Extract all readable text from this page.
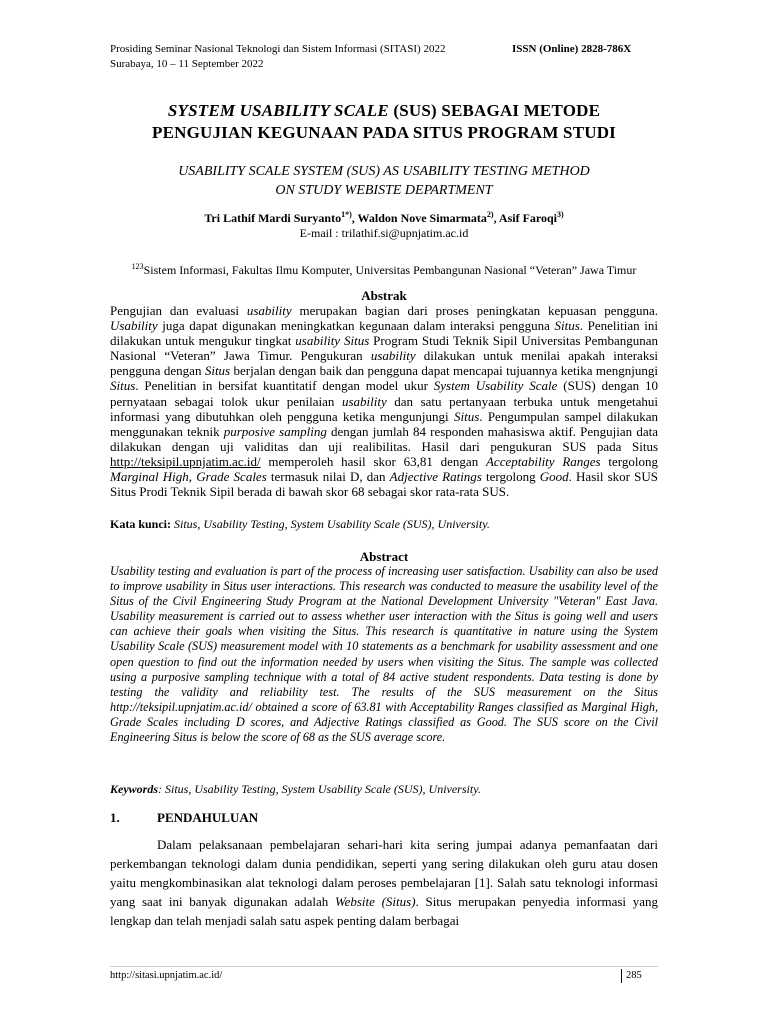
Prosiding Seminar Nasional Teknologi dan Sistem Informasi (SITASI) 2022
Surabaya, 10 – 11 September 2022
ISSN (Online) 2828-786X
SYSTEM USABILITY SCALE (SUS) SEBAGAI METODE
PENGUJIAN KEGUNAAN PADA SITUS PROGRAM STUDI
USABILITY SCALE SYSTEM (SUS) AS USABILITY TESTING METHOD
ON STUDY WEBISTE DEPARTMENT
Tri Lathif Mardi Suryanto$^{1*)}$, Waldon Nove Simarmata$^{2)}$, Asif Faroqi$^{3)}$
E-mail : trilathif.si@upnjatim.ac.id
$^{123}$Sistem Informasi, Fakultas Ilmu Komputer, Universitas Pembangunan Nasional “Veteran” Jawa Timur
Abstrak
Pengujian dan evaluasi usability merupakan bagian dari proses peningkatan kepuasan pengguna. Usability juga dapat digunakan meningkatkan kegunaan dalam interaksi pengguna Situs. Penelitian ini dilakukan untuk mengukur tingkat usability Situs Program Studi Teknik Sipil Universitas Pembangunan Nasional “Veteran” Jawa Timur. Pengukuran usability dilakukan untuk menilai apakah interaksi pengguna dengan Situs berjalan dengan baik dan pengguna dapat mencapai tujuannya ketika mengnjungi Situs. Penelitian in bersifat kuantitatif dengan model ukur System Usability Scale (SUS) dengan 10 pernyataan sebagai tolok ukur penilaian usability dan satu pertanyaan terbuka untuk mengetahui informasi yang dibutuhkan oleh pengguna ketika mengunjungi Situs. Pengumpulan sampel dilakukan menggunakan teknik purposive sampling dengan jumlah 84 responden mahasiswa aktif. Pengujian data dilakukan dengan uji validitas dan uji realibilitas. Hasil dari pengukuran SUS pada Situs http://teksipil.upnjatim.ac.id/ memperoleh hasil skor 63,81 dengan Acceptability Ranges tergolong Marginal High, Grade Scales termasuk nilai D, dan Adjective Ratings tergolong Good. Hasil skor SUS Situs Prodi Teknik Sipil berada di bawah skor 68 sebagai skor rata-rata SUS.
Kata kunci: Situs, Usability Testing, System Usability Scale (SUS), University.
Abstract
Usability testing and evaluation is part of the process of increasing user satisfaction. Usability can also be used to improve usability in Situs user interactions. This research was conducted to measure the usability level of the Situs of the Civil Engineering Study Program at the National Development University "Veteran" East Java. Usability measurement is carried out to assess whether user interaction with the Situs is going well and users can achieve their goals when visiting the Situs. This research is quantitative in nature using the System Usability Scale (SUS) measurement model with 10 statements as a benchmark for usability assessment and one open question to find out the information needed by users when visiting the Situs. The sample was collected using a purposive sampling technique with a total of 84 active student respondents. Data testing is done by testing the validity and reliability test. The results of the SUS measurement on the Situs http://teksipil.upnjatim.ac.id/ obtained a score of 63.81 with Acceptability Ranges classified as Marginal High, Grade Scales including D scores, and Adjective Ratings classified as Good. The SUS score on the Civil Engineering Situs is below the score of 68 as the SUS average score.
Keywords: Situs, Usability Testing, System Usability Scale (SUS), University.
1.	PENDAHULUAN
Dalam pelaksanaan pembelajaran sehari-hari kita sering jumpai adanya pemanfaatan dari perkembangan teknologi dalam dunia pendidikan, seperti yang sering dilakukan oleh guru atau dosen yaitu mengkombinasikan alat teknologi dalam peroses pembelajaran [1]. Salah satu teknologi informasi yang saat ini banyak digunakan adalah Website (Situs). Situs merupakan penyedia informasi yang lengkap dan telah menjadi salah satu aspek penting dalam berbagai
http://sitasi.upnjatim.ac.id/	285
